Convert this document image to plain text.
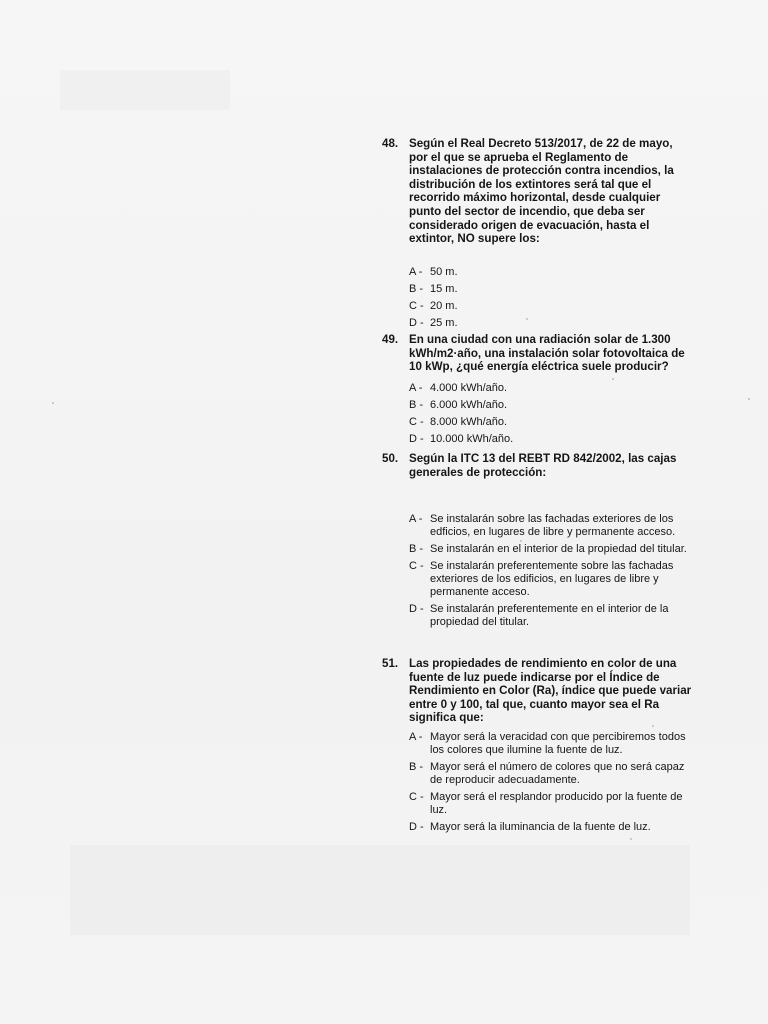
48. Según el Real Decreto 513/2017, de 22 de mayo, por el que se aprueba el Reglamento de instalaciones de protección contra incendios, la distribución de los extintores será tal que el recorrido máximo horizontal, desde cualquier punto del sector de incendio, que deba ser considerado origen de evacuación, hasta el extintor, NO supere los:
A - 50 m.
B - 15 m.
C - 20 m.
D - 25 m.
49. En una ciudad con una radiación solar de 1.300 kWh/m2·año, una instalación solar fotovoltaica de 10 kWp, ¿qué energía eléctrica suele producir?
A - 4.000 kWh/año.
B - 6.000 kWh/año.
C - 8.000 kWh/año.
D - 10.000 kWh/año.
50. Según la ITC 13 del REBT RD 842/2002, las cajas generales de protección:
A - Se instalarán sobre las fachadas exteriores de los edficios, en lugares de libre y permanente acceso.
B - Se instalarán en el interior de la propiedad del titular.
C - Se instalarán preferentemente sobre las fachadas exteriores de los edificios, en lugares de libre y permanente acceso.
D - Se instalarán preferentemente en el interior de la propiedad del titular.
51. Las propiedades de rendimiento en color de una fuente de luz puede indicarse por el Índice de Rendimiento en Color (Ra), índice que puede variar entre 0 y 100, tal que, cuanto mayor sea el Ra significa que:
A - Mayor será la veracidad con que percibiremos todos los colores que ilumine la fuente de luz.
B - Mayor será el número de colores que no será capaz de reproducir adecuadamente.
C - Mayor será el resplandor producido por la fuente de luz.
D - Mayor será la iluminancia de la fuente de luz.
